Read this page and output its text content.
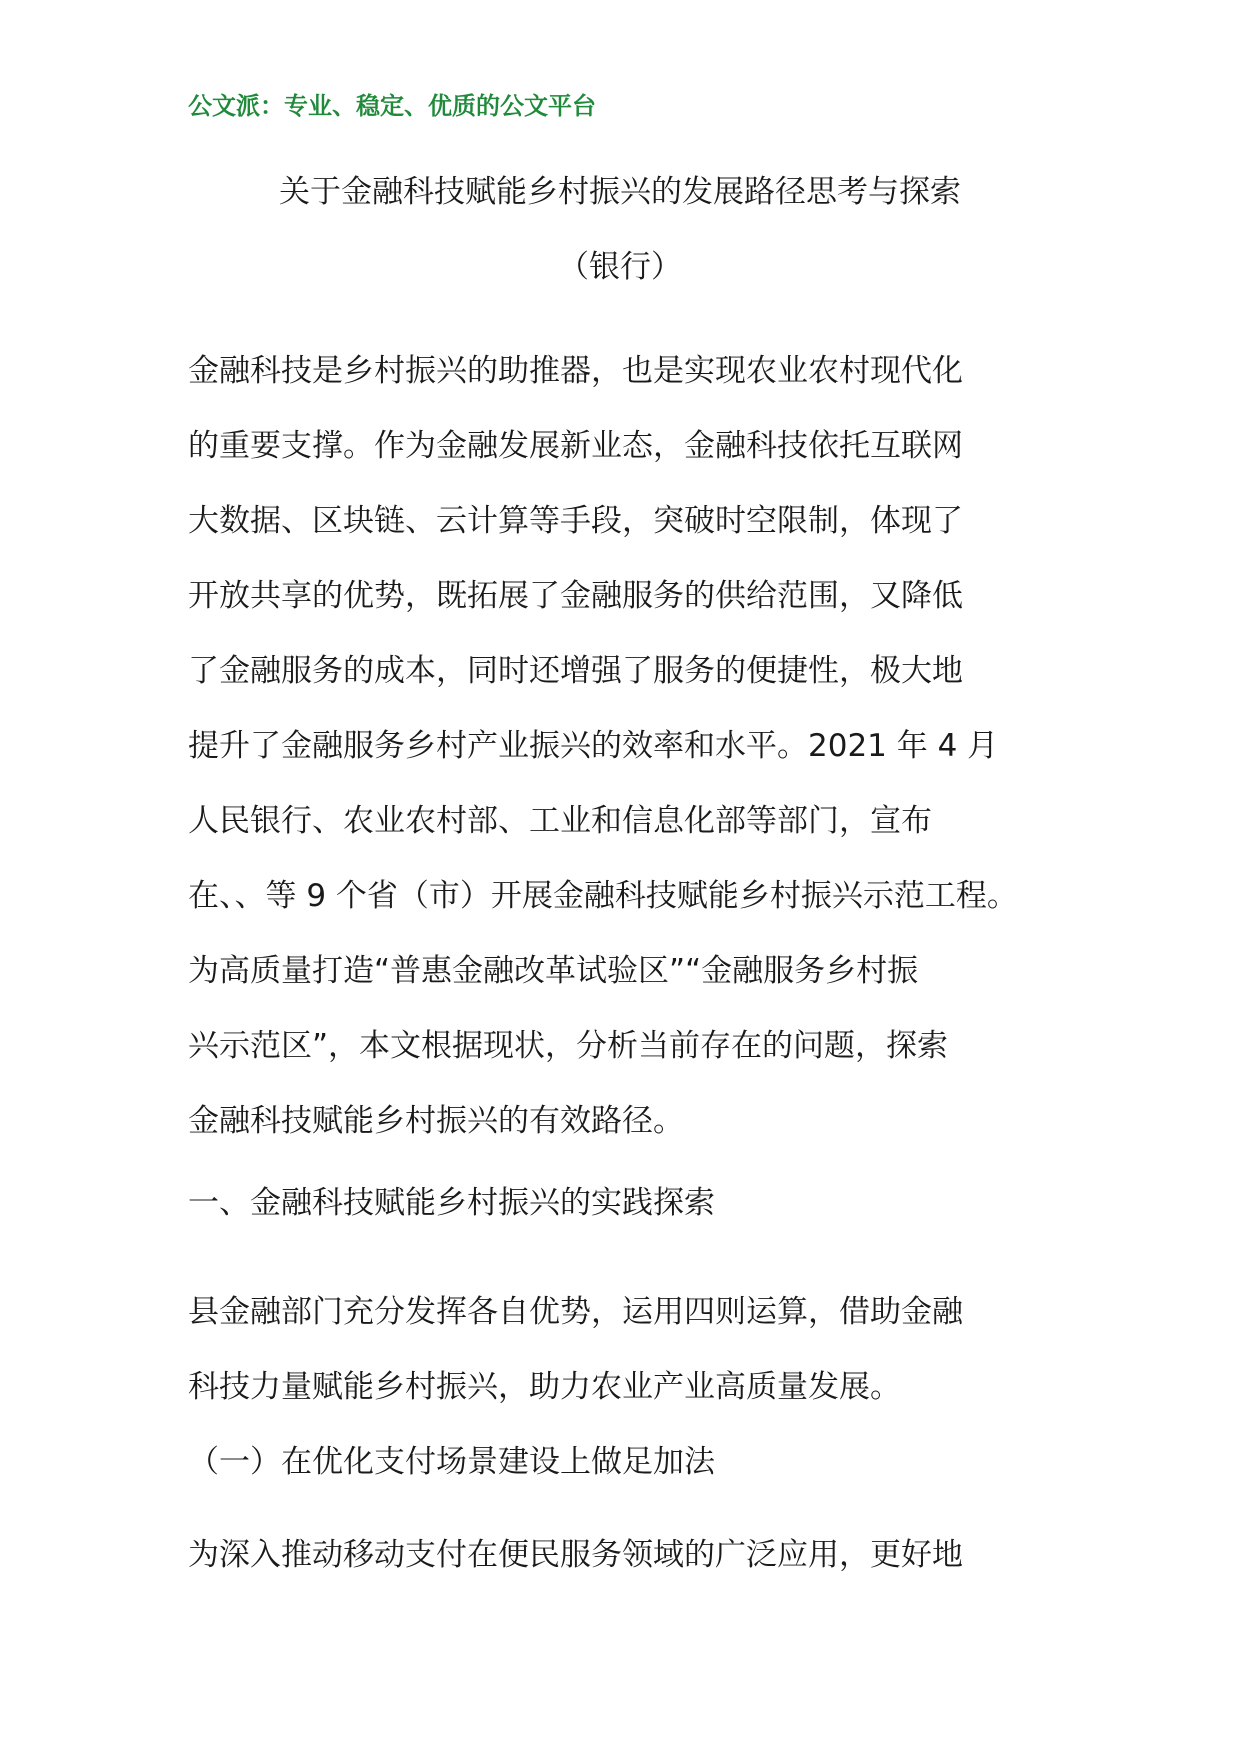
公文派：专业、稳定、优质的公文平台
关于金融科技赋能乡村振兴的发展路径思考与探索
（银行）
金融科技是乡村振兴的助推器，也是实现农业农村现代化
的重要支撑。作为金融发展新业态，金融科技依托互联网
大数据、区块链、云计算等手段，突破时空限制，体现了
开放共享的优势，既拓展了金融服务的供给范围，又降低
了金融服务的成本，同时还增强了服务的便捷性，极大地
提升了金融服务乡村产业振兴的效率和水平。2021 年 4 月
人民银行、农业农村部、工业和信息化部等部门，宣布
在、、等 9 个省（市）开展金融科技赋能乡村振兴示范工程。
为高质量打造“普惠金融改革试验区”“金融服务乡村振
兴示范区”，本文根据现状，分析当前存在的问题，探索
金融科技赋能乡村振兴的有效路径。
一、金融科技赋能乡村振兴的实践探索
县金融部门充分发挥各自优势，运用四则运算，借助金融
科技力量赋能乡村振兴，助力农业产业高质量发展。
（一）在优化支付场景建设上做足加法
为深入推动移动支付在便民服务领域的广泛应用，更好地
